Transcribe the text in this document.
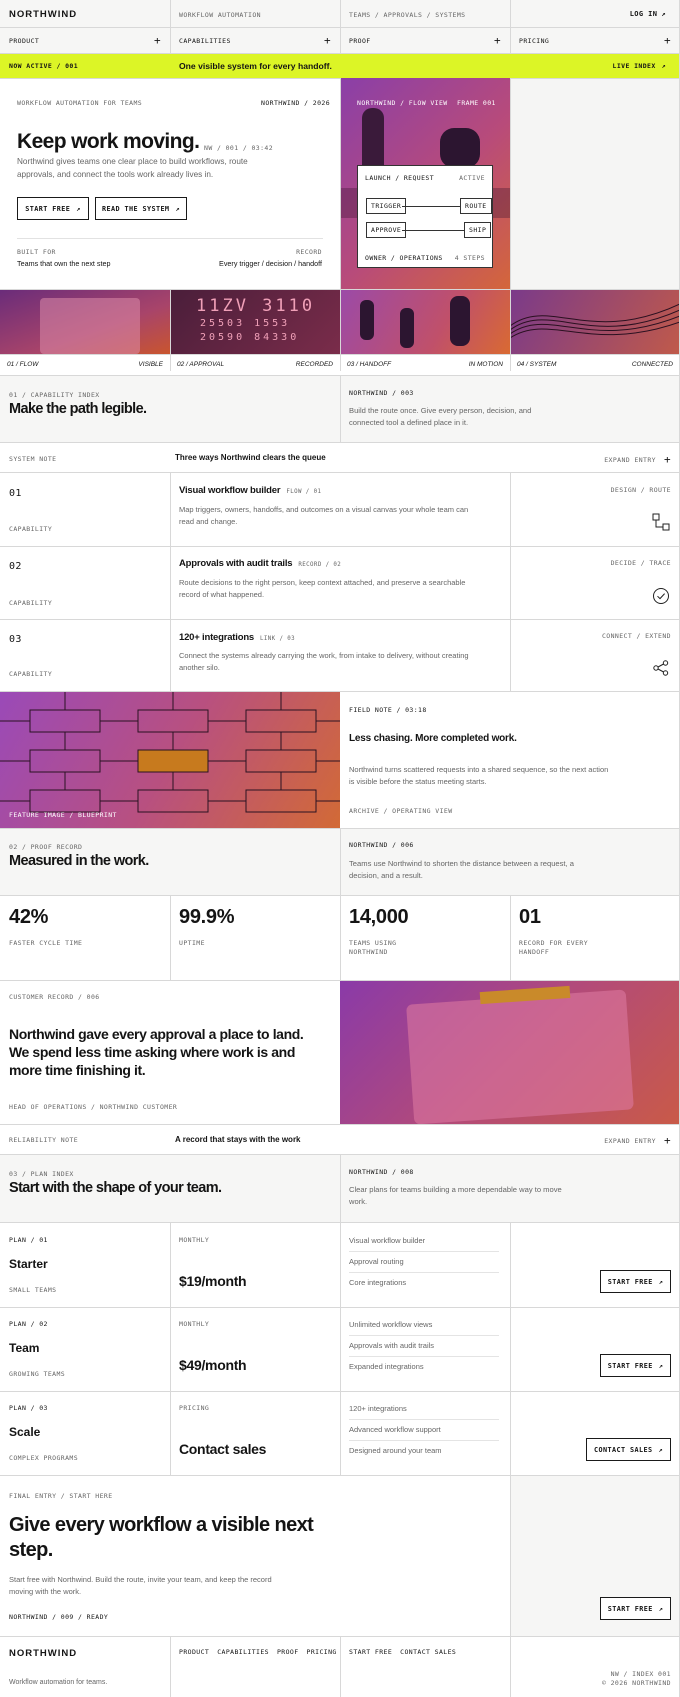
NORTHWIND	WORKFLOW AUTOMATION	TEAMS / APPROVALS / SYSTEMS	LOG IN ↗
PRODUCT	+	CAPABILITIES	+	PROOF	+	PRICING	+
NOW ACTIVE / 001	One visible system for every handoff.	LIVE INDEX ↗
WORKFLOW AUTOMATION FOR TEAMS	NORTHWIND / 2026
Keep work moving. NW / 001 / 03:42
Northwind gives teams one clear place to build workflows, route approvals, and connect the tools work already lives in.
START FREE ↗	READ THE SYSTEM ↗
BUILT FOR	RECORD
Teams that own the next step	Every trigger / decision / handoff
NORTHWIND / FLOW VIEW FRAME 001
LAUNCH / REQUEST	ACTIVE
TRIGGER	ROUTE
APPROVE	SHIP
OWNER / OPERATIONS 4 STEPS
11ZV 3110
25503 1553
20590 84330
01 / FLOW	VISIBLE 02 / APPROVAL	RECORDED 03 / HANDOFF	IN MOTION 04 / SYSTEM	CONNECTED
01 / CAPABILITY INDEX
Make the path legible.
NORTHWIND / 003
Build the route once. Give every person, decision, and connected tool a defined place in it.
SYSTEM NOTE	Three ways Northwind clears the queue	EXPAND ENTRY +
01
CAPABILITY
Visual workflow builder FLOW / 01
Map triggers, owners, handoffs, and outcomes on a visual canvas your whole team can read and change.
DESIGN / ROUTE
02
CAPABILITY
Approvals with audit trails RECORD / 02
Route decisions to the right person, keep context attached, and preserve a searchable record of what happened.
DECIDE / TRACE
03
CAPABILITY
120+ integrations LINK / 03
Connect the systems already carrying the work, from intake to delivery, without creating another silo.
CONNECT / EXTEND
FEATURE IMAGE / BLUEPRINT
FIELD NOTE / 03:18
Less chasing. More completed work.
Northwind turns scattered requests into a shared sequence, so the next action is visible before the status meeting starts.
ARCHIVE / OPERATING VIEW
02 / PROOF RECORD
Measured in the work.
NORTHWIND / 006
Teams use Northwind to shorten the distance between a request, a decision, and a result.
42%
FASTER CYCLE TIME
99.9%
UPTIME
14,000
TEAMS USING NORTHWIND
01
RECORD FOR EVERY HANDOFF
CUSTOMER RECORD / 006
Northwind gave every approval a place to land. We spend less time asking where work is and more time finishing it.
HEAD OF OPERATIONS / NORTHWIND CUSTOMER
RELIABILITY NOTE	A record that stays with the work	EXPAND ENTRY +
03 / PLAN INDEX
Start with the shape of your team.
NORTHWIND / 008
Clear plans for teams building a more dependable way to move work.
PLAN / 01
Starter
SMALL TEAMS
MONTHLY
$19/month
Visual workflow builder
Approval routing
Core integrations	START FREE ↗
PLAN / 02
Team
GROWING TEAMS
MONTHLY
$49/month
Unlimited workflow views
Approvals with audit trails
Expanded integrations	START FREE ↗
PLAN / 03
Scale
COMPLEX PROGRAMS
PRICING
Contact sales
120+ integrations
Advanced workflow support
Designed around your team	CONTACT SALES ↗
FINAL ENTRY / START HERE
Give every workflow a visible next step.
Start free with Northwind. Build the route, invite your team, and keep the record moving with the work.
NORTHWIND / 009 / READY
START FREE ↗
NORTHWIND
Workflow automation for teams.
PRODUCT CAPABILITIES PROOF PRICING START FREE CONTACT SALES
NW / INDEX 001
© 2026 NORTHWIND
